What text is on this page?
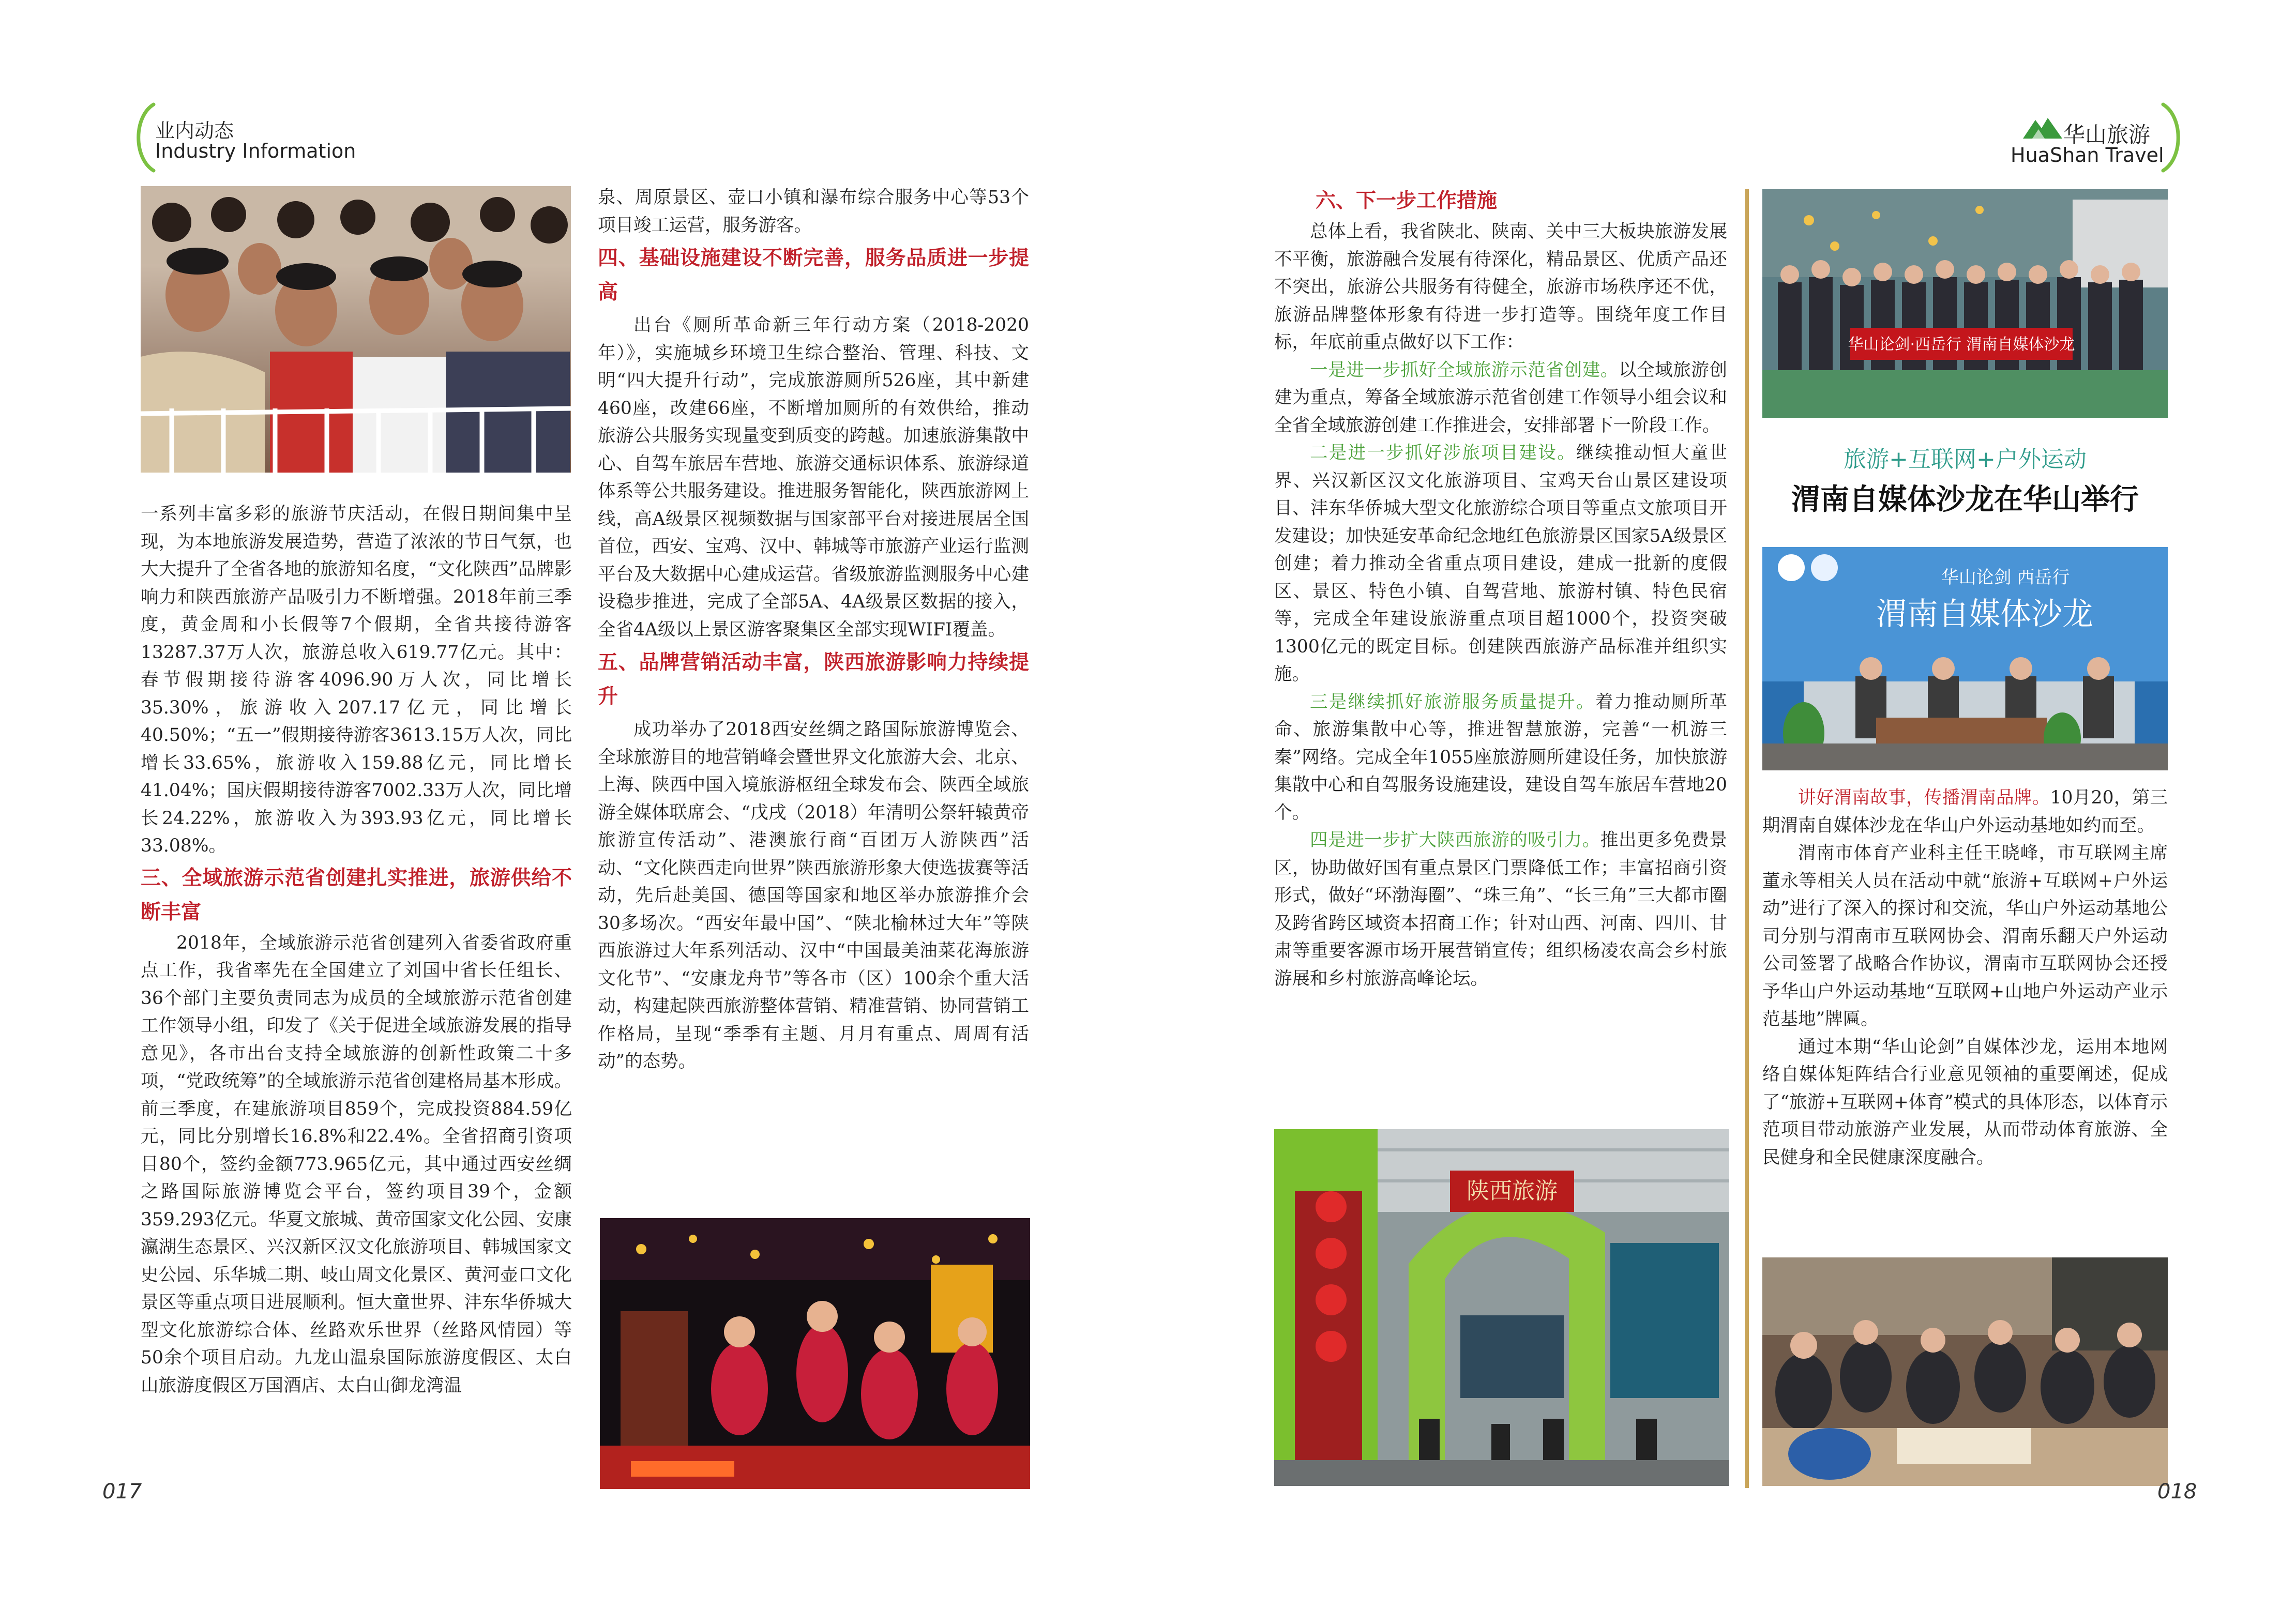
业内动态
Industry Information
华山旅游
HuaShan Travel

一系列丰富多彩的旅游节庆活动，在假日期间集中呈现，为本地旅游发展造势，营造了浓浓的节日气氛，也大大提升了全省各地的旅游知名度，“文化陕西”品牌影响力和陕西旅游产品吸引力不断增强。2018年前三季度，黄金周和小长假等7个假期，全省共接待游客13287.37万人次，旅游总收入619.77亿元。其中：春节假期接待游客4096.90万人次，同比增长35.30%，旅游收入207.17亿元，同比增长40.50%；“五一”假期接待游客3613.15万人次，同比增长33.65%，旅游收入159.88亿元，同比增长41.04%；国庆假期接待游客7002.33万人次，同比增长24.22%，旅游收入为393.93亿元，同比增长33.08%。

三、全域旅游示范省创建扎实推进，旅游供给不断丰富

2018年，全域旅游示范省创建列入省委省政府重点工作，我省率先在全国建立了刘国中省长任组长、36个部门主要负责同志为成员的全域旅游示范省创建工作领导小组，印发了《关于促进全域旅游发展的指导意见》，各市出台支持全域旅游的创新性政策二十多项，“党政统筹”的全域旅游示范省创建格局基本形成。前三季度，在建旅游项目859个，完成投资884.59亿元，同比分别增长16.8%和22.4%。全省招商引资项目80个，签约金额773.965亿元，其中通过西安丝绸之路国际旅游博览会平台，签约项目39个，金额359.293亿元。华夏文旅城、黄帝国家文化公园、安康瀛湖生态景区、兴汉新区汉文化旅游项目、韩城国家文史公园、乐华城二期、岐山周文化景区、黄河壶口文化景区等重点项目进展顺利。恒大童世界、沣东华侨城大型文化旅游综合体、丝路欢乐世界（丝路风情园）等50余个项目启动。九龙山温泉国际旅游度假区、太白山旅游度假区万国酒店、太白山御龙湾温

017

泉、周原景区、壶口小镇和瀑布综合服务中心等53个项目竣工运营，服务游客。

四、基础设施建设不断完善，服务品质进一步提高

出台《厕所革命新三年行动方案（2018-2020年）》，实施城乡环境卫生综合整治、管理、科技、文明“四大提升行动”，完成旅游厕所526座，其中新建460座，改建66座，不断增加厕所的有效供给，推动旅游公共服务实现量变到质变的跨越。加速旅游集散中心、自驾车旅居车营地、旅游交通标识体系、旅游绿道体系等公共服务建设。推进服务智能化，陕西旅游网上线，高A级景区视频数据与国家部平台对接进展居全国首位，西安、宝鸡、汉中、韩城等市旅游产业运行监测平台及大数据中心建成运营。省级旅游监测服务中心建设稳步推进，完成了全部5A、4A级景区数据的接入，全省4A级以上景区游客聚集区全部实现WIFI覆盖。

五、品牌营销活动丰富，陕西旅游影响力持续提升

成功举办了2018西安丝绸之路国际旅游博览会、全球旅游目的地营销峰会暨世界文化旅游大会、北京、上海、陕西中国入境旅游枢纽全球发布会、陕西全域旅游全媒体联席会、“戊戌（2018）年清明公祭轩辕黄帝旅游宣传活动”、港澳旅行商“百团万人游陕西”活动、“文化陕西走向世界”陕西旅游形象大使选拔赛等活动，先后赴美国、德国等国家和地区举办旅游推介会30多场次。“西安年最中国”、“陕北榆林过大年”等陕西旅游过大年系列活动、汉中“中国最美油菜花海旅游文化节”、“安康龙舟节”等各市（区）100余个重大活动，构建起陕西旅游整体营销、精准营销、协同营销工作格局，呈现“季季有主题、月月有重点、周周有活动”的态势。

六、下一步工作措施

总体上看，我省陕北、陕南、关中三大板块旅游发展不平衡，旅游融合发展有待深化，精品景区、优质产品还不突出，旅游公共服务有待健全，旅游市场秩序还不优，旅游品牌整体形象有待进一步打造等。围绕年度工作目标，年底前重点做好以下工作：

一是进一步抓好全域旅游示范省创建。以全域旅游创建为重点，筹备全域旅游示范省创建工作领导小组会议和全省全域旅游创建工作推进会，安排部署下一阶段工作。

二是进一步抓好涉旅项目建设。继续推动恒大童世界、兴汉新区汉文化旅游项目、宝鸡天台山景区建设项目、沣东华侨城大型文化旅游综合项目等重点文旅项目开发建设；加快延安革命纪念地红色旅游景区国家5A级景区创建；着力推动全省重点项目建设，建成一批新的度假区、景区、特色小镇、自驾营地、旅游村镇、特色民宿等，完成全年建设旅游重点项目超1000个，投资突破1300亿元的既定目标。创建陕西旅游产品标准并组织实施。

三是继续抓好旅游服务质量提升。着力推动厕所革命、旅游集散中心等，推进智慧旅游，完善“一机游三秦”网络。完成全年1055座旅游厕所建设任务，加快旅游集散中心和自驾服务设施建设，建设自驾车旅居车营地20个。

四是进一步扩大陕西旅游的吸引力。推出更多免费景区，协助做好国有重点景区门票降低工作；丰富招商引资形式，做好“环渤海圈”、“珠三角”、“长三角”三大都市圈及跨省跨区域资本招商工作；针对山西、河南、四川、甘肃等重要客源市场开展营销宣传；组织杨凌农高会乡村旅游展和乡村旅游高峰论坛。

陕西旅游
华山论剑·西岳行 渭南自媒体沙龙
旅游+互联网+户外运动
渭南自媒体沙龙在华山举行
华山论剑 西岳行
渭南自媒体沙龙

讲好渭南故事，传播渭南品牌。10月20，第三期渭南自媒体沙龙在华山户外运动基地如约而至。

渭南市体育产业科主任王晓峰，市互联网主席董永等相关人员在活动中就“旅游+互联网+户外运动”进行了深入的探讨和交流，华山户外运动基地公司分别与渭南市互联网协会、渭南乐翻天户外运动公司签署了战略合作协议，渭南市互联网协会还授予华山户外运动基地“互联网+山地户外运动产业示范基地”牌匾。

通过本期“华山论剑”自媒体沙龙，运用本地网络自媒体矩阵结合行业意见领袖的重要阐述，促成了“旅游+互联网+体育”模式的具体形态，以体育示范项目带动旅游产业发展，从而带动体育旅游、全民健身和全民健康深度融合。

018
